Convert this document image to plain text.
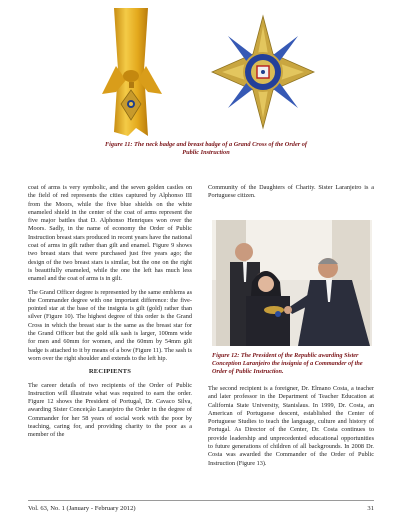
Figure 11: The neck badge and breast badge of a Grand Cross of the Order of Public Instruction

coat of arms is very symbolic, and the seven golden castles on the field of red represents the cities captured by Alphonso III from the Moors, while the five blue shields on the white enameled shield in the center of the coat of arms represent the five major battles that D. Alphonso Henriques won over the Moors. Sadly, in the name of economy the Order of Public Instruction breast stars produced in recent years have the national coat of arms in gilt rather than gilt and enamel. Figure 9 shows two breast stars that were purchased just five years ago; the design of the two breast stars is similar, but the one on the right is beautifully enameled, while the one the left has much less enamel and the coat of arms is in gilt.

The Grand Officer degree is represented by the same emblems as the Commander degree with one important difference: the five-pointed star at the base of the insignia is gilt (gold) rather than silver (Figure 10). The highest degree of this order is the Grand Cross in which the breast star is the same as the breast star for the Grand Officer but the gold silk sash is larger, 100mm wide for men and 60mm for women, and the 60mm by 54mm gilt badge is attached to it by means of a bow (Figure 11). The sash is worn over the right shoulder and extends to the left hip.

RECIPIENTS

The career details of two recipients of the Order of Public Instruction will illustrate what was required to earn the order. Figure 12 shows the President of Portugal, Dr. Cavaco Silva, awarding Sister Conceição Laranjeiro the Order in the degree of Commander for her 58 years of social work with the poor by teaching, caring for, and providing charity to the poor as a member of the

Community of the Daughters of Charity. Sister Laranjeiro is a Portuguese citizen.

Figure 12: The President of the Republic awarding Sister Conception Laranjeiro the insignia of a Commander of the Order of Public Instruction.

The second recipient is a foreigner, Dr. Elmano Costa, a teacher and later professor in the Department of Teacher Education at California State University, Stanislaus. In 1999, Dr. Costa, an American of Portuguese descent, established the Center of Portuguese Studies to teach the language, culture and history of Portugal. As Director of the Center, Dr. Costa continues to provide leadership and unprecedented educational opportunities to future generations of children of all backgrounds. In 2008 Dr. Costa was awarded the Commander of the Order of Public Instruction (Figure 13).

Vol. 63, No. 1 (January - February 2012)	31
